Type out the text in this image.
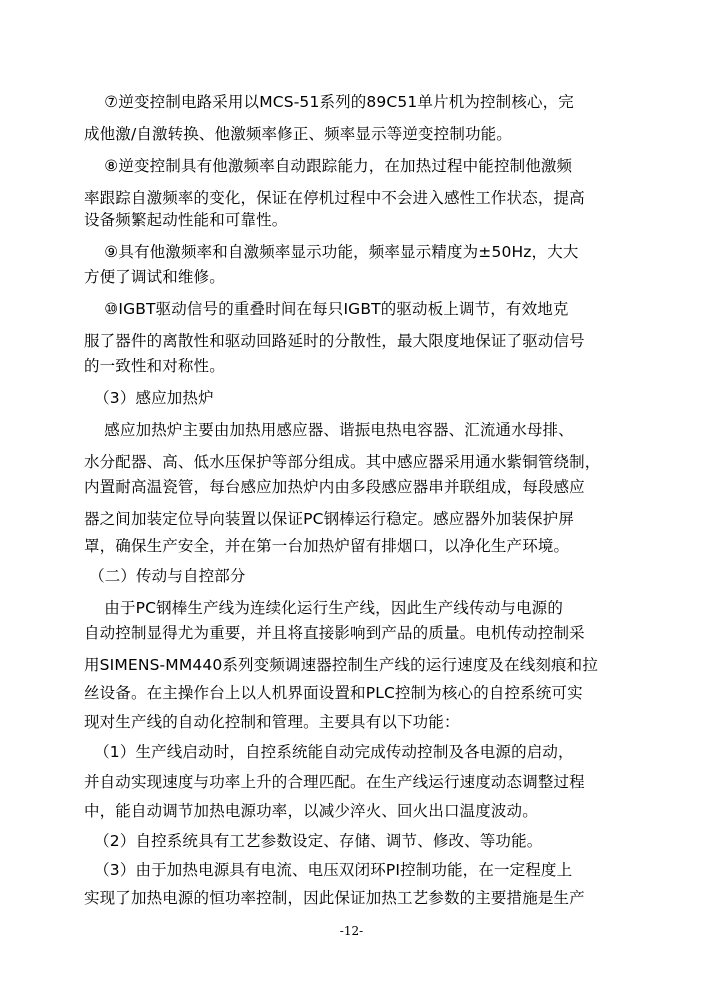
⑦逆变控制电路采用以MCS-51系列的89C51单片机为控制核心，完
成他激/自激转换、他激频率修正、频率显示等逆变控制功能。
⑧逆变控制具有他激频率自动跟踪能力，在加热过程中能控制他激频
率跟踪自激频率的变化，保证在停机过程中不会进入感性工作状态，提高
设备频繁起动性能和可靠性。
⑨具有他激频率和自激频率显示功能，频率显示精度为±50Hz，大大
方便了调试和维修。
⑩IGBT驱动信号的重叠时间在每只IGBT的驱动板上调节，有效地克
服了器件的离散性和驱动回路延时的分散性，最大限度地保证了驱动信号
的一致性和对称性。
（3）感应加热炉
感应加热炉主要由加热用感应器、谐振电热电容器、汇流通水母排、
水分配器、高、低水压保护等部分组成。其中感应器采用通水紫铜管绕制，
内置耐高温瓷管，每台感应加热炉内由多段感应器串并联组成，每段感应
器之间加装定位导向装置以保证PC钢棒运行稳定。感应器外加装保护屏
罩，确保生产安全，并在第一台加热炉留有排烟口，以净化生产环境。
（二）传动与自控部分
由于PC钢棒生产线为连续化运行生产线，因此生产线传动与电源的
自动控制显得尤为重要，并且将直接影响到产品的质量。电机传动控制采
用SIMENS-MM440系列变频调速器控制生产线的运行速度及在线刻痕和拉
丝设备。在主操作台上以人机界面设置和PLC控制为核心的自控系统可实
现对生产线的自动化控制和管理。主要具有以下功能：
（1）生产线启动时，自控系统能自动完成传动控制及各电源的启动，
并自动实现速度与功率上升的合理匹配。在生产线运行速度动态调整过程
中，能自动调节加热电源功率，以减少淬火、回火出口温度波动。
（2）自控系统具有工艺参数设定、存储、调节、修改、等功能。
（3）由于加热电源具有电流、电压双闭环PI控制功能，在一定程度上
实现了加热电源的恒功率控制，因此保证加热工艺参数的主要措施是生产
-12-
